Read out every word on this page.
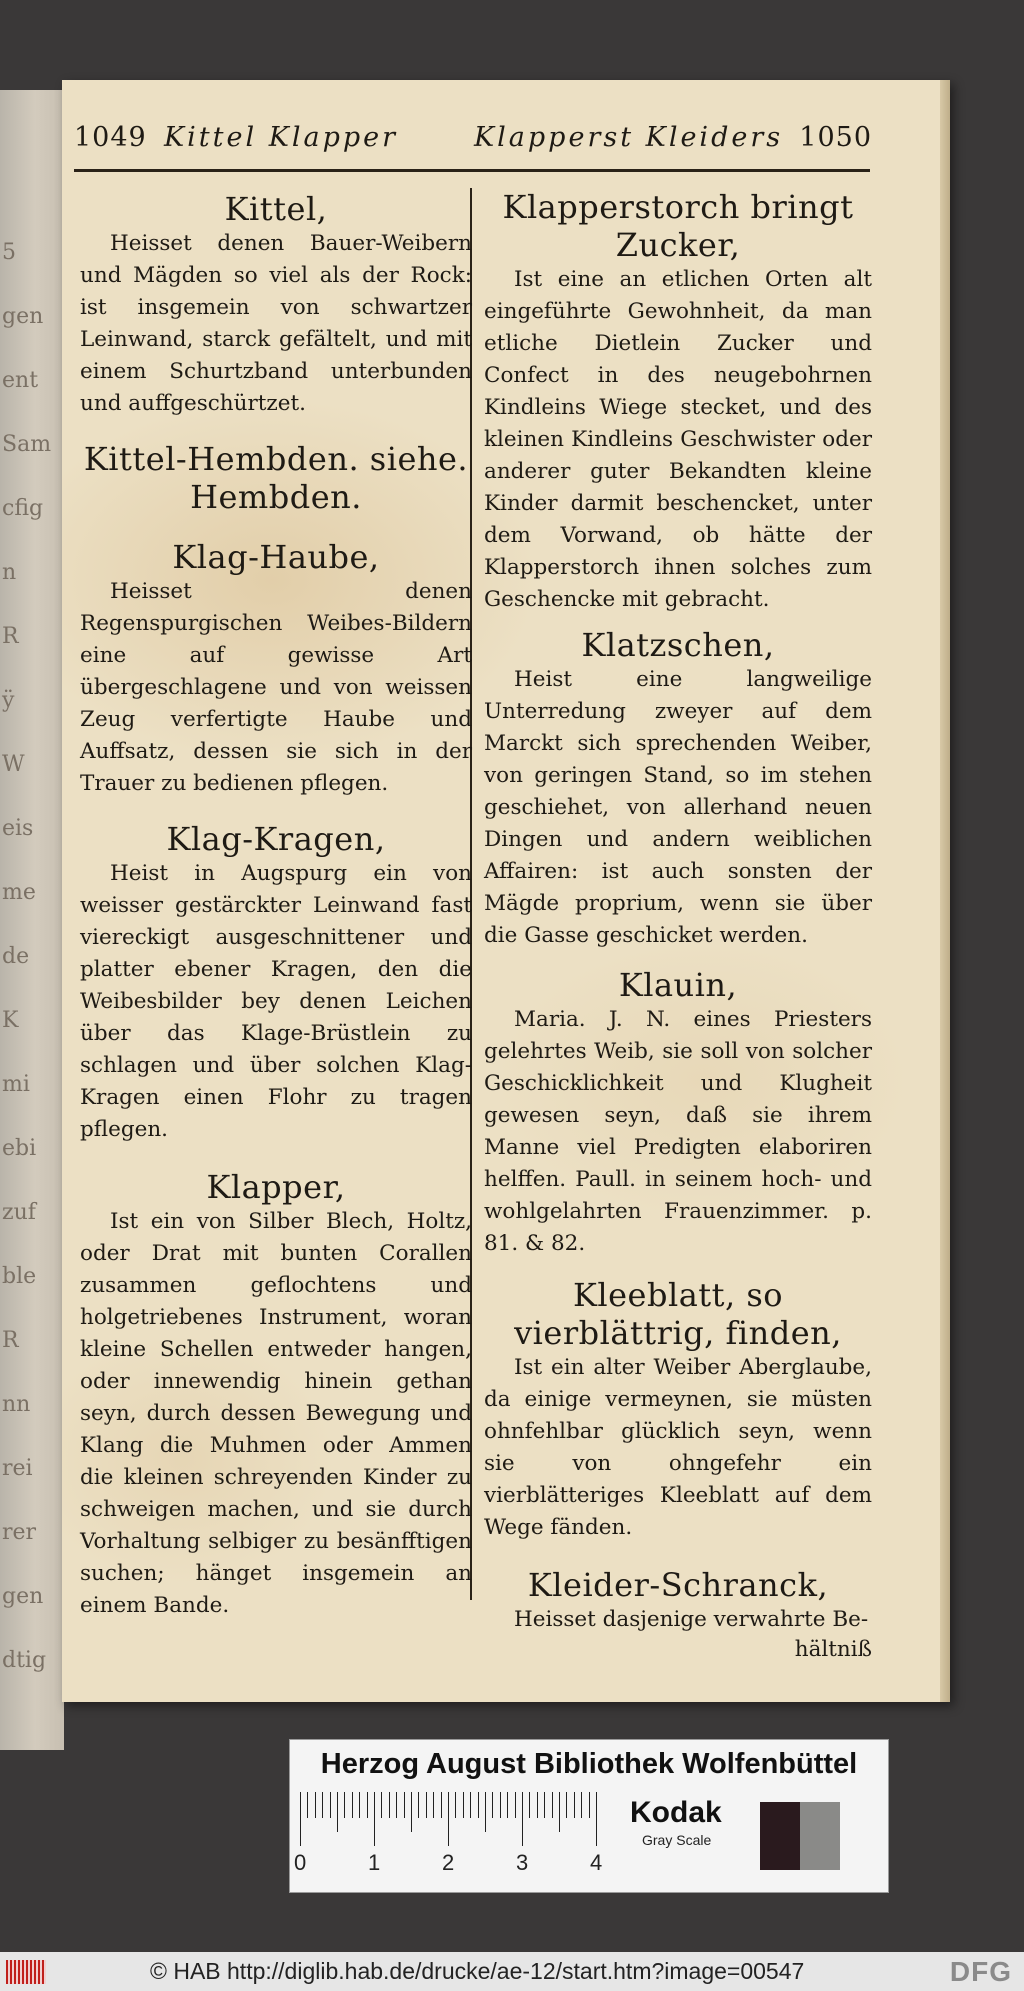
5
gen
ent
Sam
cfig
n
R
ÿ
W
eis
me
de
K
mi
ebi
zuf
ble
R
nn
rei
rer
gen
dtig
1049 Kittel Klapper	Klapperst Kleiders 1050
Kittel,

Heisset denen Bauer-Weibern und Mägden so viel als der Rock: ist insgemein von schwartzer Leinwand, starck gefältelt, und mit einem Schurtzband unterbunden und auffgeschürtzet.

Kittel-Hembden. siehe. Hembden.
Klag-Haube,

Heisset denen Regenspurgischen Weibes-Bildern eine auf gewisse Art übergeschlagene und von weissen Zeug verfertigte Haube und Auffsatz, dessen sie sich in der Trauer zu bedienen pflegen.

Klag-Kragen,

Heist in Augspurg ein von weisser gestärckter Leinwand fast viereckigt ausgeschnittener und platter ebener Kragen, den die Weibesbilder bey denen Leichen über das Klage-Brüstlein zu schlagen und über solchen Klag-Kragen einen Flohr zu tragen pflegen.

Klapper,

Ist ein von Silber Blech, Holtz, oder Drat mit bunten Corallen zusammen geflochtens und holgetriebenes Instrument, woran kleine Schellen entweder hangen, oder innewendig hinein gethan seyn, durch dessen Bewegung und Klang die Muhmen oder Ammen die kleinen schreyenden Kinder zu schweigen machen, und sie durch Vorhaltung selbiger zu besänfftigen suchen; hänget insgemein an einem Bande.

Klapperstorch bringt Zucker,

Ist eine an etlichen Orten alt eingeführte Gewohnheit, da man etliche Dietlein Zucker und Confect in des neugebohrnen Kindleins Wiege stecket, und des kleinen Kindleins Geschwister oder anderer guter Bekandten kleine Kinder darmit beschencket, unter dem Vorwand, ob hätte der Klapperstorch ihnen solches zum Geschencke mit gebracht.

Klatzschen,

Heist eine langweilige Unterredung zweyer auf dem Marckt sich sprechenden Weiber, von geringen Stand, so im stehen geschiehet, von allerhand neuen Dingen und andern weiblichen Affairen: ist auch sonsten der Mägde proprium, wenn sie über die Gasse geschicket werden.

Klauin,

Maria. J. N. eines Priesters gelehrtes Weib, sie soll von solcher Geschicklichkeit und Klugheit gewesen seyn, daß sie ihrem Manne viel Predigten elaboriren helffen. Paull. in seinem hoch- und wohlgelahrten Frauenzimmer. p. 81. & 82.

Kleeblatt, so vierblättrig, finden,

Ist ein alter Weiber Aberglaube, da einige vermeynen, sie müsten ohnfehlbar glücklich seyn, wenn sie von ohngefehr ein vierblätteriges Kleeblatt auf dem Wege fänden.

Kleider-Schranck,

Heisset dasjenige verwahrte Be-

hältniß
Herzog August Bibliothek Wolfenbüttel
0	1	2	3	4
Kodak
Gray Scale
© HAB http://diglib.hab.de/drucke/ae-12/start.htm?image=00547	DFG
